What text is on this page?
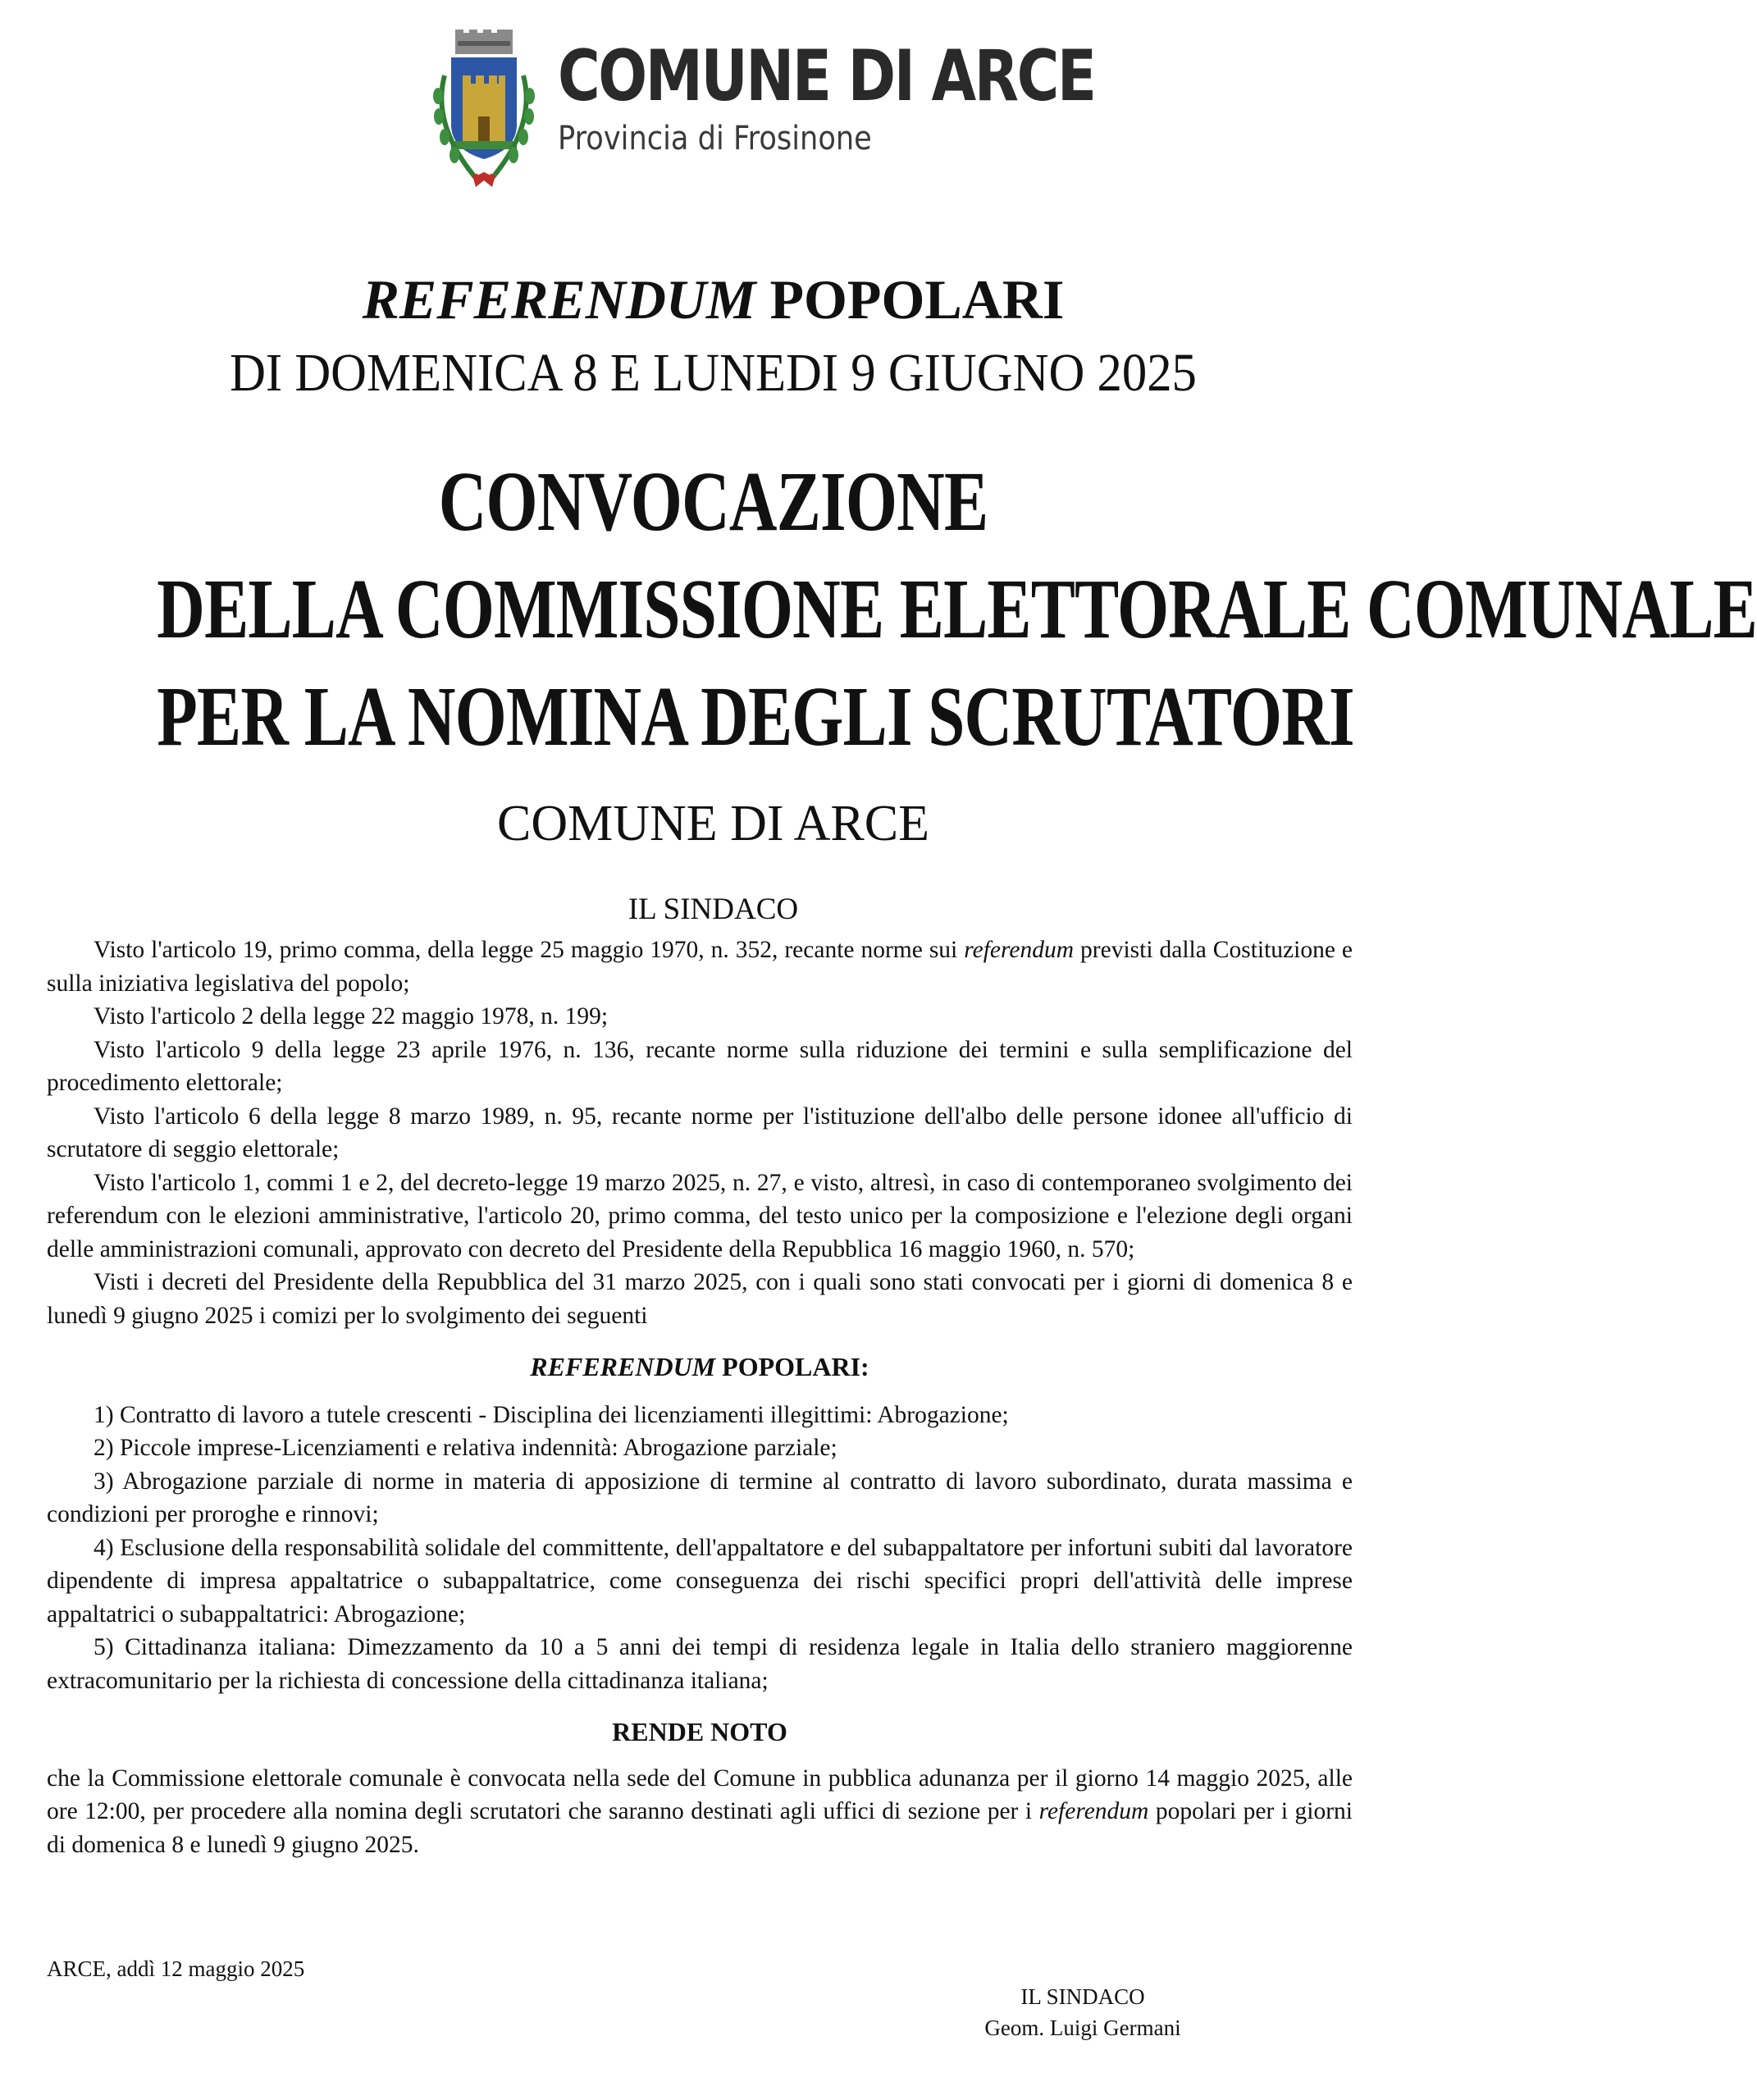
COMUNE DI ARCE
Provincia di Frosinone
REFERENDUM POPOLARI
DI DOMENICA 8 E LUNEDI 9 GIUGNO 2025
CONVOCAZIONE
DELLA COMMISSIONE ELETTORALE COMUNALE
PER LA NOMINA DEGLI SCRUTATORI
COMUNE DI ARCE
IL SINDACO

Visto l'articolo 19, primo comma, della legge 25 maggio 1970, n. 352, recante norme sui referendum previsti dalla Costituzione e sulla iniziativa legislativa del popolo;

Visto l'articolo 2 della legge 22 maggio 1978, n. 199;

Visto l'articolo 9 della legge 23 aprile 1976, n. 136, recante norme sulla riduzione dei termini e sulla semplificazione del procedimento elettorale;

Visto l'articolo 6 della legge 8 marzo 1989, n. 95, recante norme per l'istituzione dell'albo delle persone idonee all'ufficio di scrutatore di seggio elettorale;

Visto l'articolo 1, commi 1 e 2, del decreto-legge 19 marzo 2025, n. 27, e visto, altresì, in caso di contemporaneo svolgimento dei referendum con le elezioni amministrative, l'articolo 20, primo comma, del testo unico per la composizione e l'elezione degli organi delle amministrazioni comunali, approvato con decreto del Presidente della Repubblica 16 maggio 1960, n. 570;

Visti i decreti del Presidente della Repubblica del 31 marzo 2025, con i quali sono stati convocati per i giorni di domenica 8 e lunedì 9 giugno 2025 i comizi per lo svolgimento dei seguenti

REFERENDUM POPOLARI:

1) Contratto di lavoro a tutele crescenti - Disciplina dei licenziamenti illegittimi: Abrogazione;

2) Piccole imprese-Licenziamenti e relativa indennità: Abrogazione parziale;

3) Abrogazione parziale di norme in materia di apposizione di termine al contratto di lavoro subordinato, durata massima e condizioni per proroghe e rinnovi;

4) Esclusione della responsabilità solidale del committente, dell'appaltatore e del subappaltatore per infortuni subiti dal lavoratore dipendente di impresa appaltatrice o subappaltatrice, come conseguenza dei rischi specifici propri dell'attività delle imprese appaltatrici o subappaltatrici: Abrogazione;

5) Cittadinanza italiana: Dimezzamento da 10 a 5 anni dei tempi di residenza legale in Italia dello straniero maggiorenne extracomunitario per la richiesta di concessione della cittadinanza italiana;

RENDE NOTO

che la Commissione elettorale comunale è convocata nella sede del Comune in pubblica adunanza per il giorno 14 maggio 2025, alle ore 12:00, per procedere alla nomina degli scrutatori che saranno destinati agli uffici di sezione per i referendum popolari per i giorni di domenica 8 e lunedì 9 giugno 2025.

ARCE, addì 12 maggio 2025
IL SINDACO
Geom. Luigi Germani
